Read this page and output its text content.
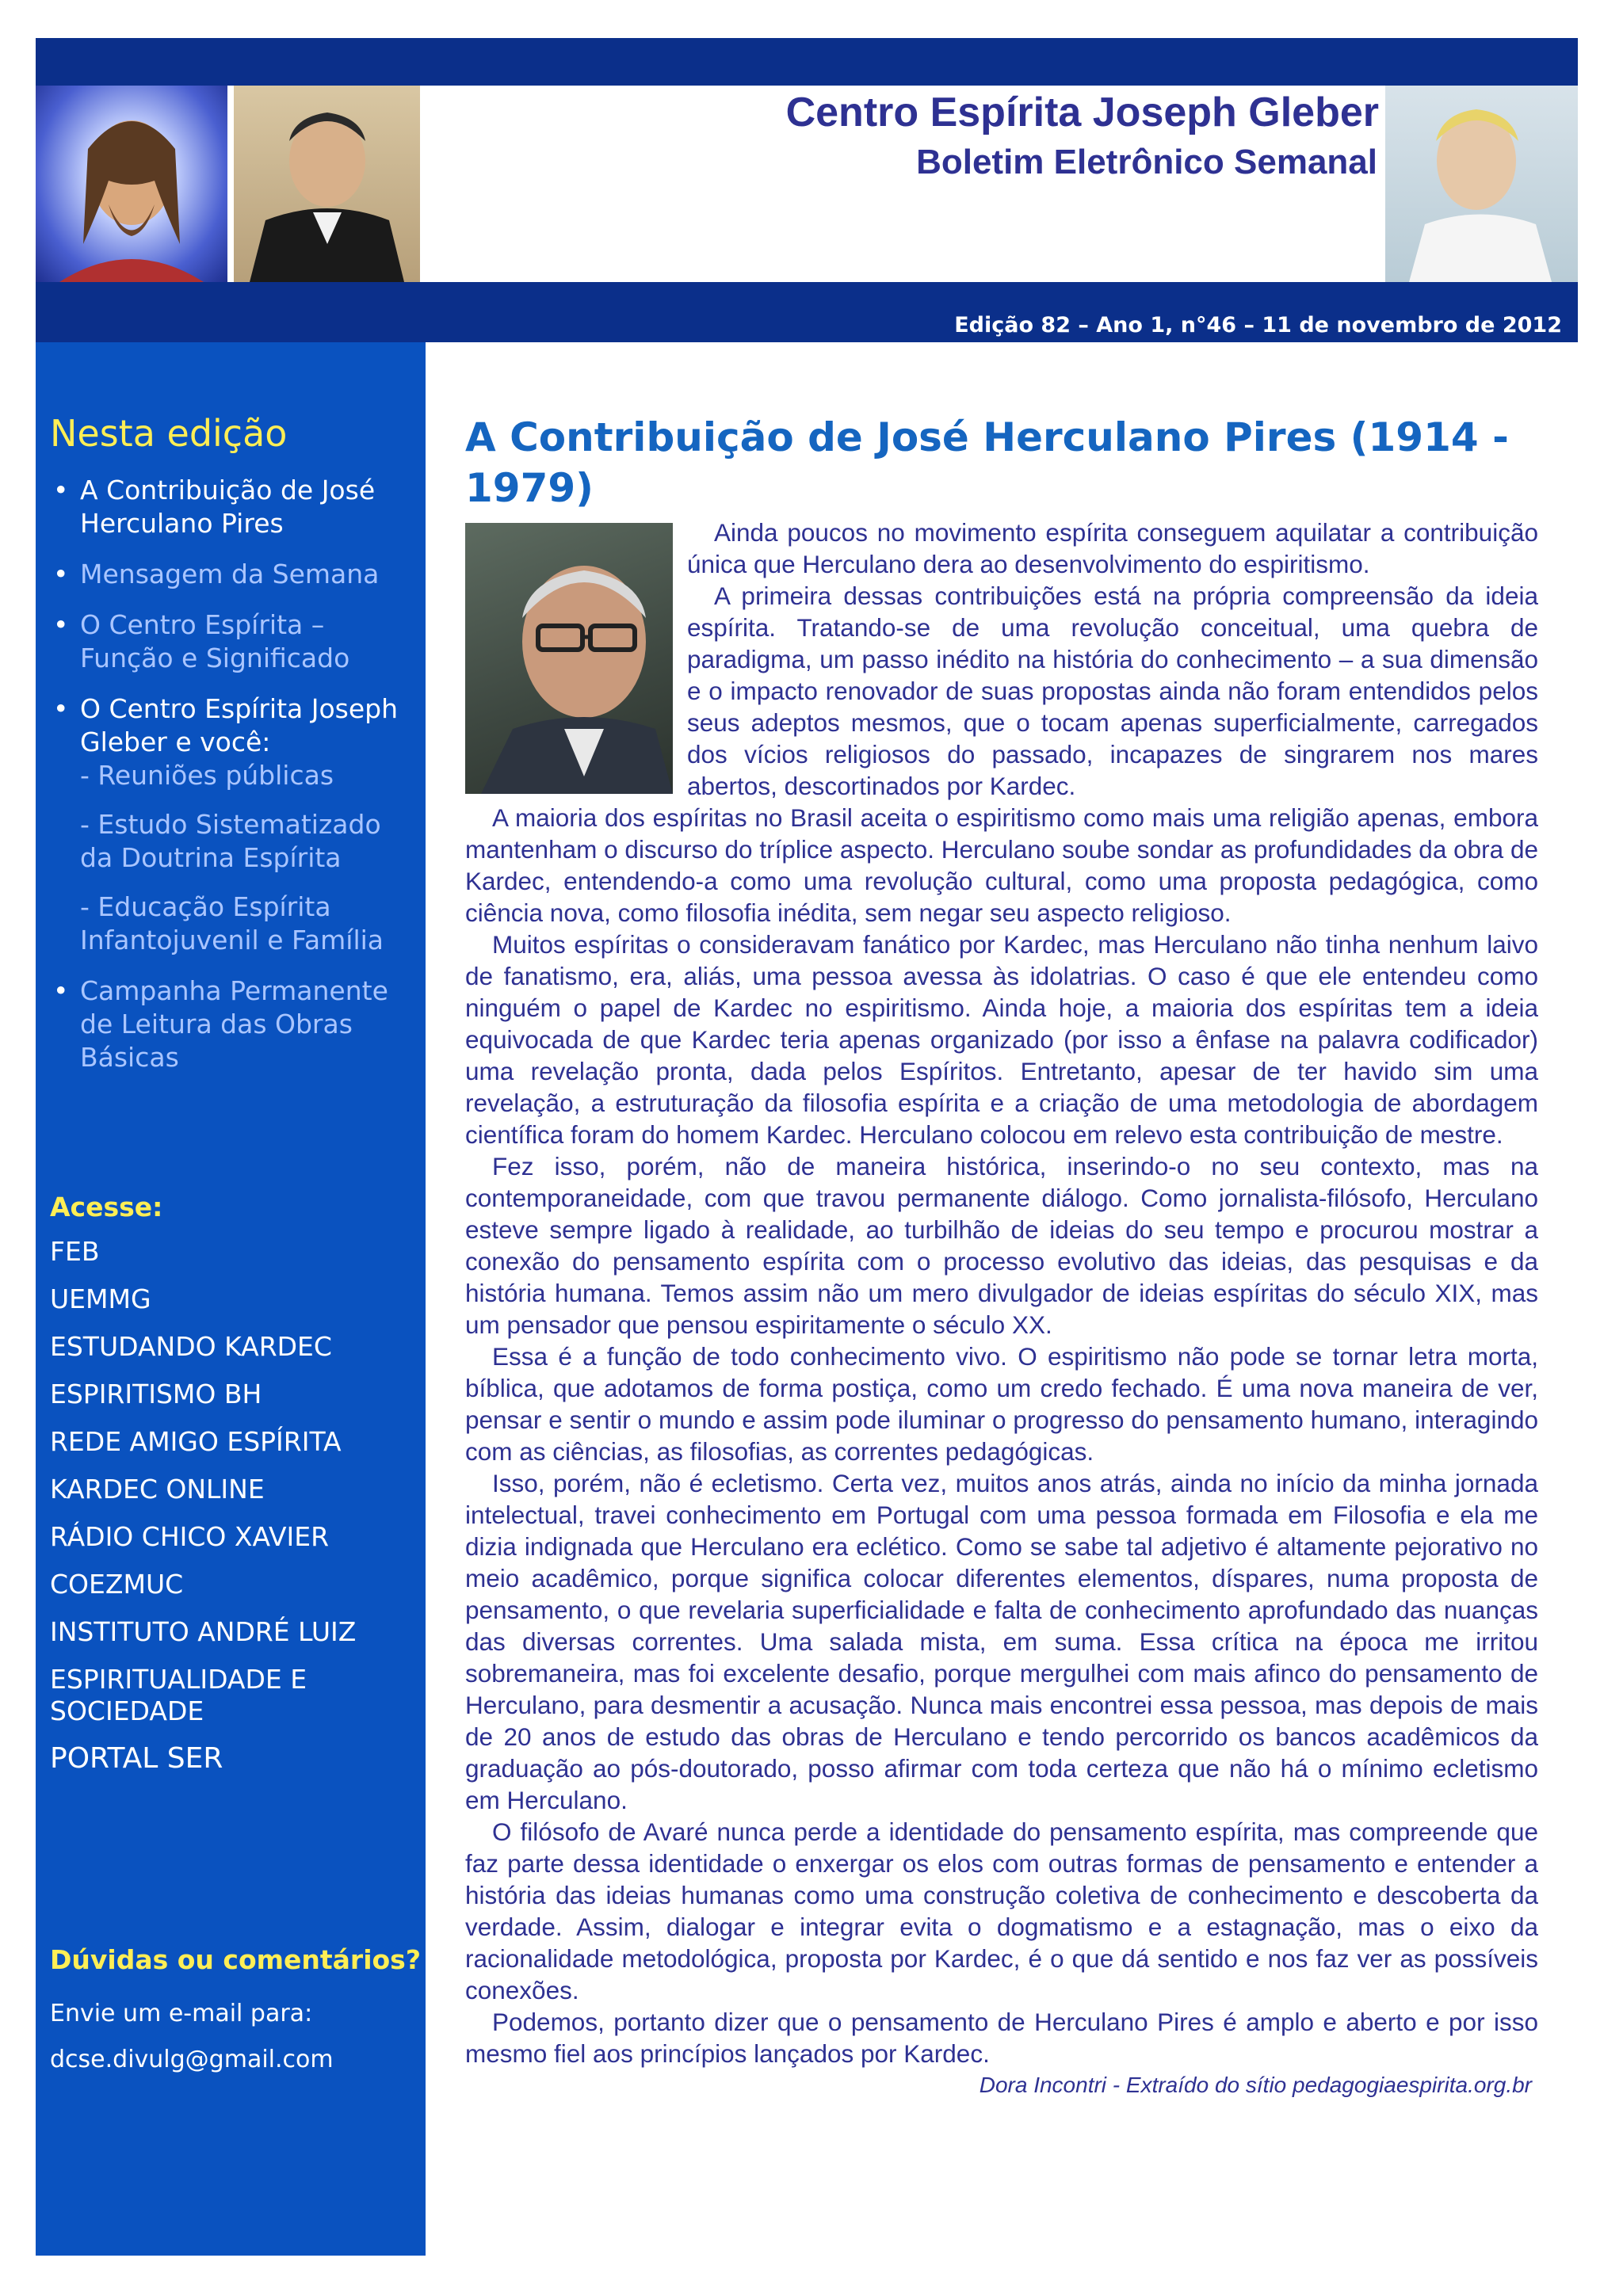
Centro Espírita Joseph Gleber
Boletim Eletrônico Semanal
Edição 82 – Ano 1, n°46 – 11 de novembro de 2012
Nesta edição
• A Contribuição de José Herculano Pires
• Mensagem da Semana
• O Centro Espírita – Função e Significado
• O Centro Espírita Joseph Gleber e você:
- Reuniões públicas
- Estudo Sistematizado da Doutrina Espírita
- Educação Espírita Infantojuvenil e Família
• Campanha Permanente de Leitura das Obras Básicas
Acesse:
FEB
UEMMG
ESTUDANDO KARDEC
ESPIRITISMO BH
REDE AMIGO ESPÍRITA
KARDEC ONLINE
RÁDIO CHICO XAVIER
COEZMUC
INSTITUTO ANDRÉ LUIZ
ESPIRITUALIDADE E SOCIEDADE
PORTAL SER
Dúvidas ou comentários?
Envie um e-mail para:
dcse.divulg@gmail.com
A Contribuição de José Herculano Pires (1914 - 1979)

Ainda poucos no movimento espírita conseguem aquilatar a contribuição única que Herculano dera ao desenvolvimento do espiritismo.

A primeira dessas contribuições está na própria compreensão da ideia espírita. Tratando-se de uma revolução conceitual, uma quebra de paradigma, um passo inédito na história do conhecimento – a sua dimensão e o impacto renovador de suas propostas ainda não foram entendidos pelos seus adeptos mesmos, que o tocam apenas superficialmente, carregados dos vícios religiosos do passado, incapazes de singrarem nos mares abertos, descortinados por Kardec.

A maioria dos espíritas no Brasil aceita o espiritismo como mais uma religião apenas, embora mantenham o discurso do tríplice aspecto. Herculano soube sondar as profundidades da obra de Kardec, entendendo-a como uma revolução cultural, como uma proposta pedagógica, como ciência nova, como filosofia inédita, sem negar seu aspecto religioso.

Muitos espíritas o consideravam fanático por Kardec, mas Herculano não tinha nenhum laivo de fanatismo, era, aliás, uma pessoa avessa às idolatrias. O caso é que ele entendeu como ninguém o papel de Kardec no espiritismo. Ainda hoje, a maioria dos espíritas tem a ideia equivocada de que Kardec teria apenas organizado (por isso a ênfase na palavra codificador) uma revelação pronta, dada pelos Espíritos. Entretanto, apesar de ter havido sim uma revelação, a estruturação da filosofia espírita e a criação de uma metodologia de abordagem científica foram do homem Kardec. Herculano colocou em relevo esta contribuição de mestre.

Fez isso, porém, não de maneira histórica, inserindo-o no seu contexto, mas na contemporaneidade, com que travou permanente diálogo. Como jornalista-filósofo, Herculano esteve sempre ligado à realidade, ao turbilhão de ideias do seu tempo e procurou mostrar a conexão do pensamento espírita com o processo evolutivo das ideias, das pesquisas e da história humana. Temos assim não um mero divulgador de ideias espíritas do século XIX, mas um pensador que pensou espiritamente o século XX.

Essa é a função de todo conhecimento vivo. O espiritismo não pode se tornar letra morta, bíblica, que adotamos de forma postiça, como um credo fechado. É uma nova maneira de ver, pensar e sentir o mundo e assim pode iluminar o progresso do pensamento humano, interagindo com as ciências, as filosofias, as correntes pedagógicas.

Isso, porém, não é ecletismo. Certa vez, muitos anos atrás, ainda no início da minha jornada intelectual, travei conhecimento em Portugal com uma pessoa formada em Filosofia e ela me dizia indignada que Herculano era eclético. Como se sabe tal adjetivo é altamente pejorativo no meio acadêmico, porque significa colocar diferentes elementos, díspares, numa proposta de pensamento, o que revelaria superficialidade e falta de conhecimento aprofundado das nuanças das diversas correntes. Uma salada mista, em suma. Essa crítica na época me irritou sobremaneira, mas foi excelente desafio, porque mergulhei com mais afinco do pensamento de Herculano, para desmentir a acusação. Nunca mais encontrei essa pessoa, mas depois de mais de 20 anos de estudo das obras de Herculano e tendo percorrido os bancos acadêmicos da graduação ao pós-doutorado, posso afirmar com toda certeza que não há o mínimo ecletismo em Herculano.

O filósofo de Avaré nunca perde a identidade do pensamento espírita, mas compreende que faz parte dessa identidade o enxergar os elos com outras formas de pensamento e entender a história das ideias humanas como uma construção coletiva de conhecimento e descoberta da verdade. Assim, dialogar e integrar evita o dogmatismo e a estagnação, mas o eixo da racionalidade metodológica, proposta por Kardec, é o que dá sentido e nos faz ver as possíveis conexões.

Podemos, portanto dizer que o pensamento de Herculano Pires é amplo e aberto e por isso mesmo fiel aos princípios lançados por Kardec.

Dora Incontri - Extraído do sítio pedagogiaespirita.org.br
